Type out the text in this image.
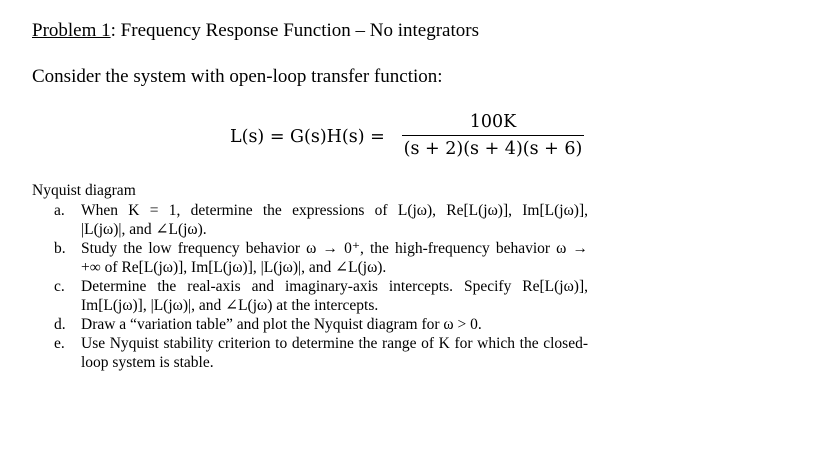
Problem 1: Frequency Response Function – No integrators
Consider the system with open-loop transfer function:
L(s) = G(s)H(s) =
100K
(s + 2)(s + 4)(s + 6)
Nyquist diagram
a. When K = 1, determine the expressions of L(jω), Re[L(jω)], Im[L(jω)],
|L(jω)|, and ∠L(jω).
b. Study the low frequency behavior ω → 0⁺, the high-frequency behavior ω →
+∞ of Re[L(jω)], Im[L(jω)], |L(jω)|, and ∠L(jω).
c. Determine the real-axis and imaginary-axis intercepts. Specify Re[L(jω)],
Im[L(jω)], |L(jω)|, and ∠L(jω) at the intercepts.
d. Draw a “variation table” and plot the Nyquist diagram for ω > 0.
e. Use Nyquist stability criterion to determine the range of K for which the closed-
loop system is stable.
